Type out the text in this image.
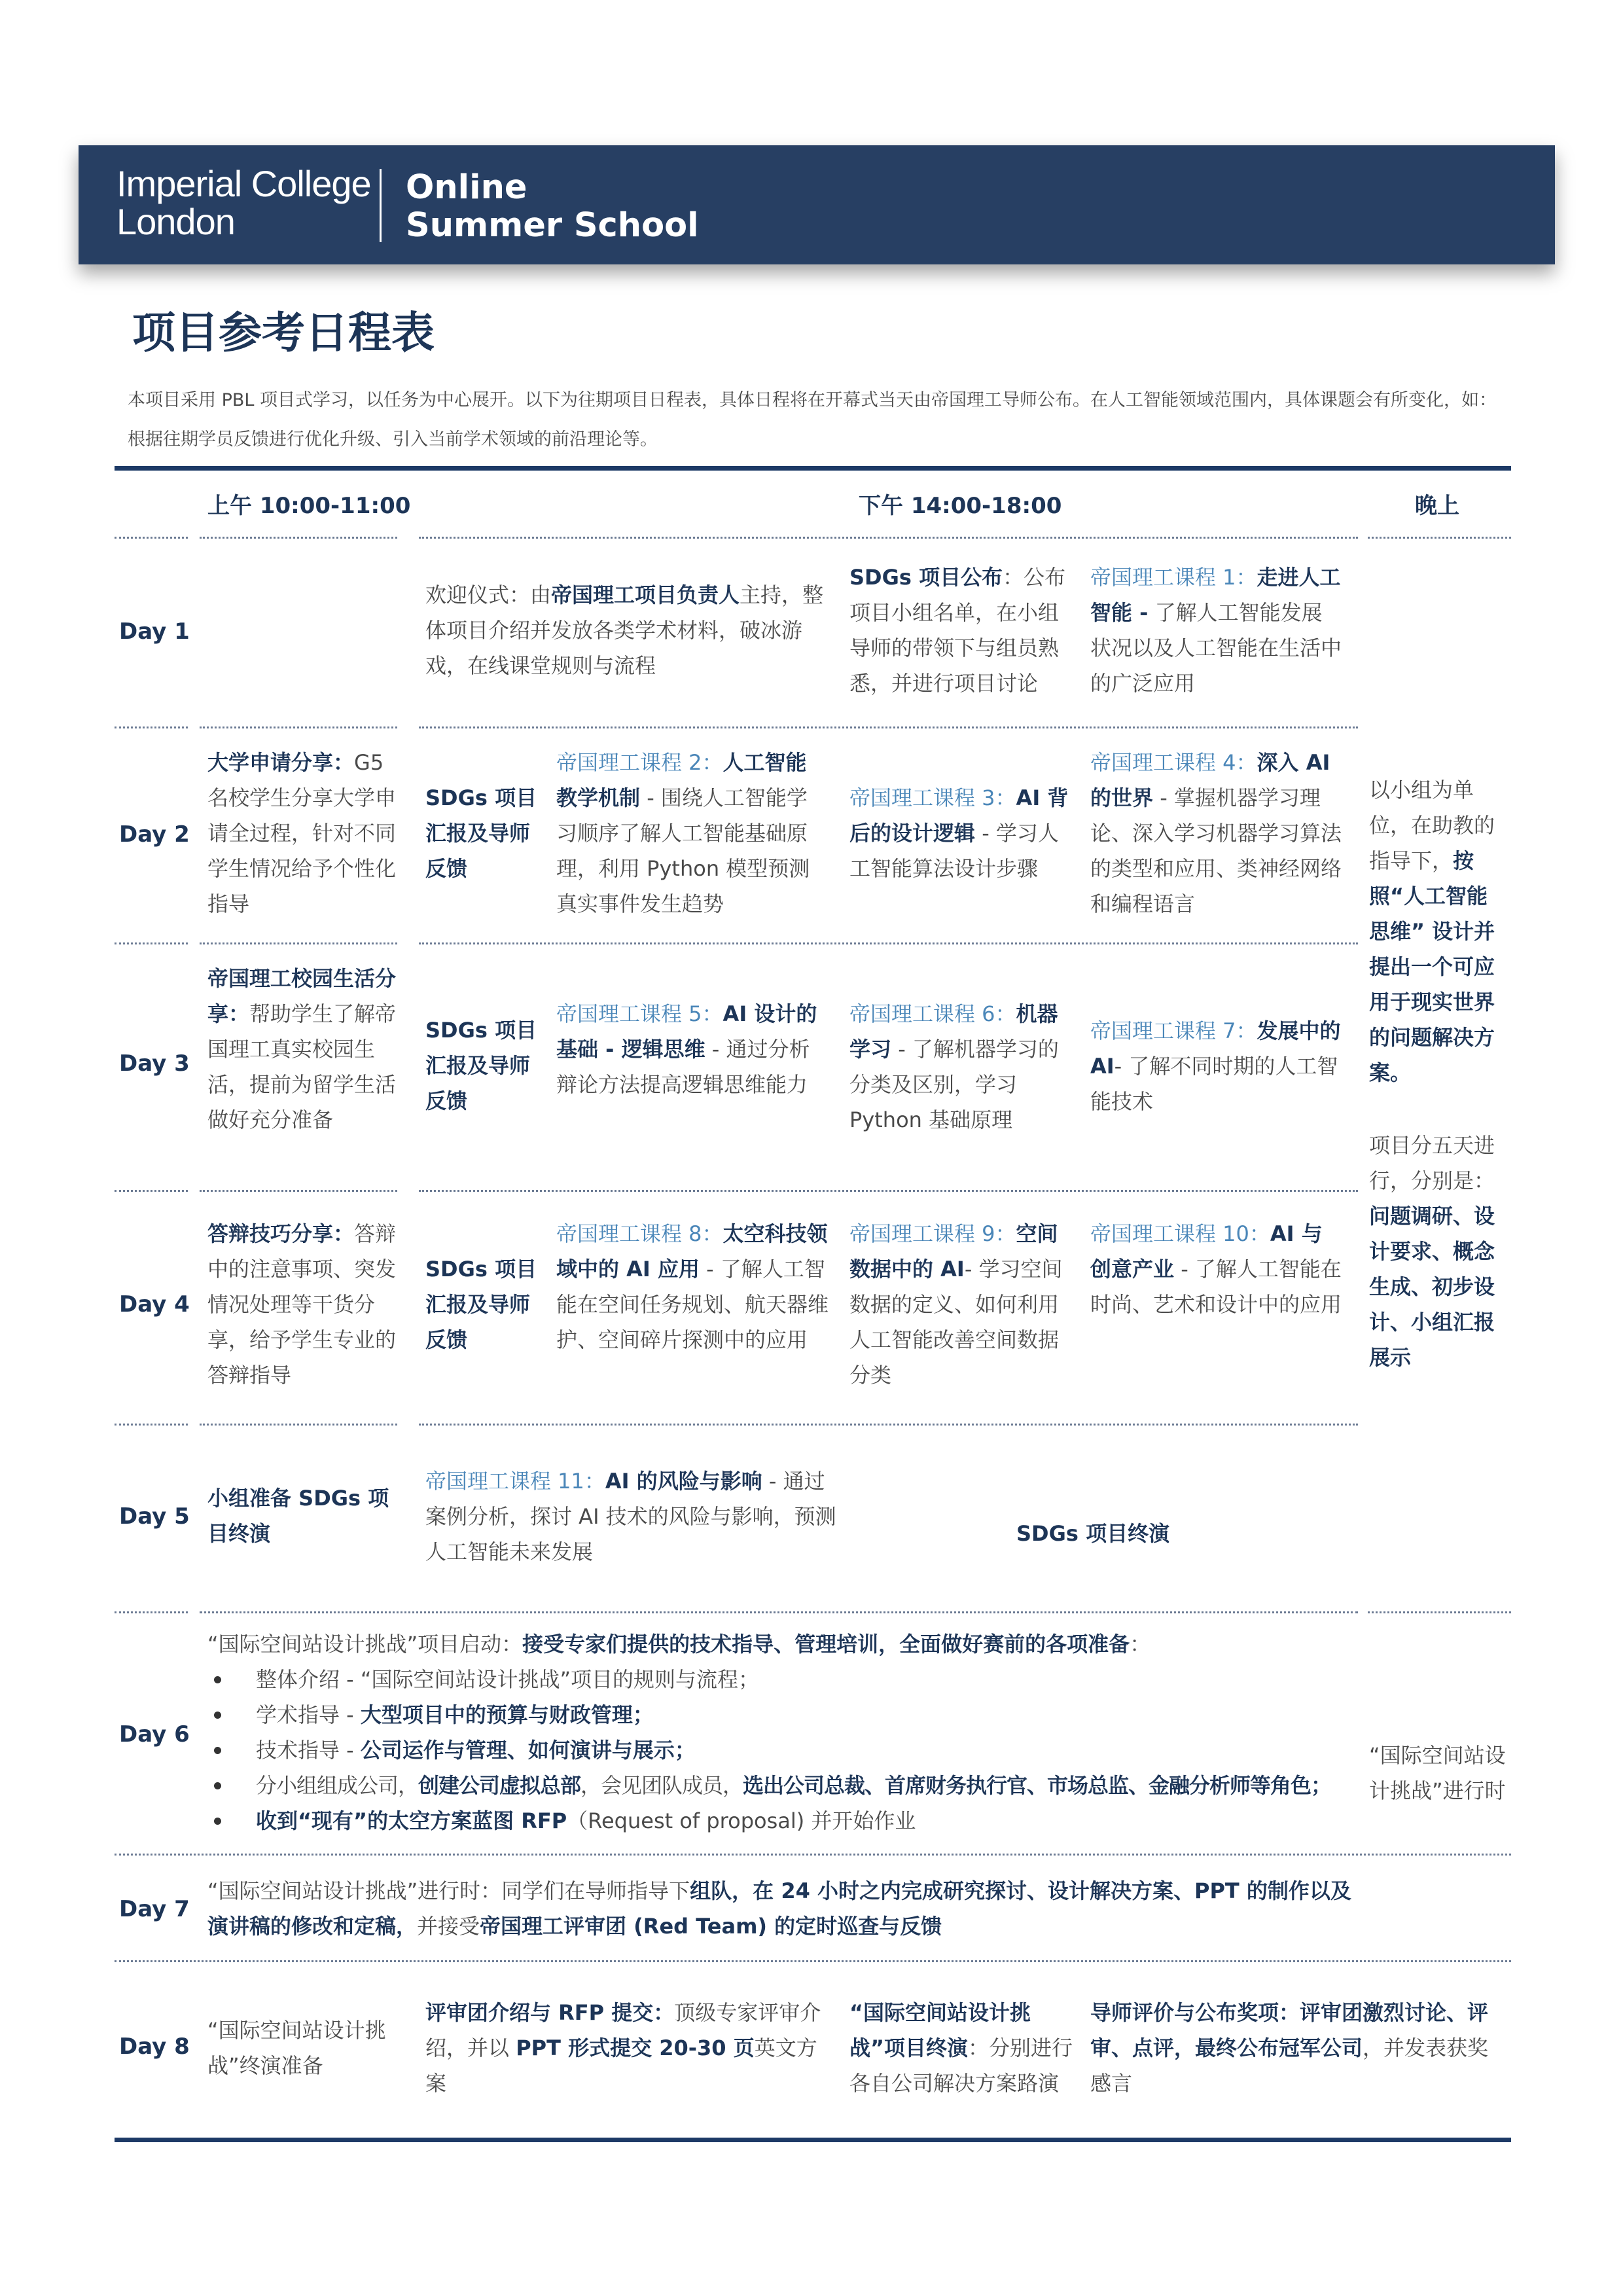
Imperial College
London
Online
Summer School
项目参考日程表
本项目采用 PBL 项目式学习，以任务为中心展开。以下为往期项目日程表，具体日程将在开幕式当天由帝国理工导师公布。在人工智能领域范围内，具体课题会有所变化，如：根据往期学员反馈进行优化升级、引入当前学术领域的前沿理论等。
上午 10:00-11:00	下午 14:00-18:00	晚上
Day 1
Day 2
Day 3
Day 4
Day 5
Day 6
Day 7
Day 8
欢迎仪式：由帝国理工项目负责人主持，整体项目介绍并发放各类学术材料，破冰游戏，在线课堂规则与流程
SDGs 项目公布：公布项目小组名单，在小组导师的带领下与组员熟悉，并进行项目讨论
帝国理工课程 1：走进人工智能 - 了解人工智能发展状况以及人工智能在生活中的广泛应用
大学申请分享：G5 名校学生分享大学申请全过程，针对不同学生情况给予个性化指导
SDGs 项目汇报及导师反馈
帝国理工课程 2：人工智能教学机制 - 围绕人工智能学习顺序了解人工智能基础原理，利用 Python 模型预测真实事件发生趋势
帝国理工课程 3：AI 背后的设计逻辑 - 学习人工智能算法设计步骤
帝国理工课程 4：深入 AI 的世界 - 掌握机器学习理论、深入学习机器学习算法的类型和应用、类神经网络和编程语言
以小组为单位，在助教的指导下，按照“人工智能思维” 设计并提出一个可应用于现实世界的问题解决方案。
项目分五天进行，分别是：问题调研、设计要求、概念生成、初步设计、小组汇报展示
帝国理工校园生活分享：帮助学生了解帝国理工真实校园生活，提前为留学生活做好充分准备
SDGs 项目汇报及导师反馈
帝国理工课程 5：AI 设计的基础 - 逻辑思维 - 通过分析辩论方法提高逻辑思维能力
帝国理工课程 6：机器学习 - 了解机器学习的分类及区别，学习 Python 基础原理
帝国理工课程 7：发展中的 AI- 了解不同时期的人工智能技术
答辩技巧分享：答辩中的注意事项、突发情况处理等干货分享，给予学生专业的答辩指导
SDGs 项目汇报及导师反馈
帝国理工课程 8：太空科技领域中的 AI 应用 - 了解人工智能在空间任务规划、航天器维护、空间碎片探测中的应用
帝国理工课程 9：空间数据中的 AI- 学习空间数据的定义、如何利用人工智能改善空间数据分类
帝国理工课程 10：AI 与创意产业 - 了解人工智能在时尚、艺术和设计中的应用
小组准备 SDGs 项目终演
帝国理工课程 11：AI 的风险与影响 - 通过案例分析，探讨 AI 技术的风险与影响，预测人工智能未来发展
SDGs 项目终演
“国际空间站设计挑战”项目启动：接受专家们提供的技术指导、管理培训，全面做好赛前的各项准备：
整体介绍 - “国际空间站设计挑战”项目的规则与流程；
学术指导 - 大型项目中的预算与财政管理；
技术指导 - 公司运作与管理、如何演讲与展示；
分小组组成公司，创建公司虚拟总部，会见团队成员，选出公司总裁、首席财务执行官、市场总监、金融分析师等角色；
收到“现有”的太空方案蓝图 RFP（Request of proposal) 并开始作业
“国际空间站设计挑战”进行时
“国际空间站设计挑战”进行时：同学们在导师指导下组队，在 24 小时之内完成研究探讨、设计解决方案、PPT 的制作以及演讲稿的修改和定稿，并接受帝国理工评审团 (Red Team) 的定时巡查与反馈
“国际空间站设计挑战”终演准备
评审团介绍与 RFP 提交：顶级专家评审介绍，并以 PPT 形式提交 20-30 页英文方案
“国际空间站设计挑战”项目终演：分别进行各自公司解决方案路演
导师评价与公布奖项：评审团激烈讨论、评审、点评，最终公布冠军公司，并发表获奖感言
